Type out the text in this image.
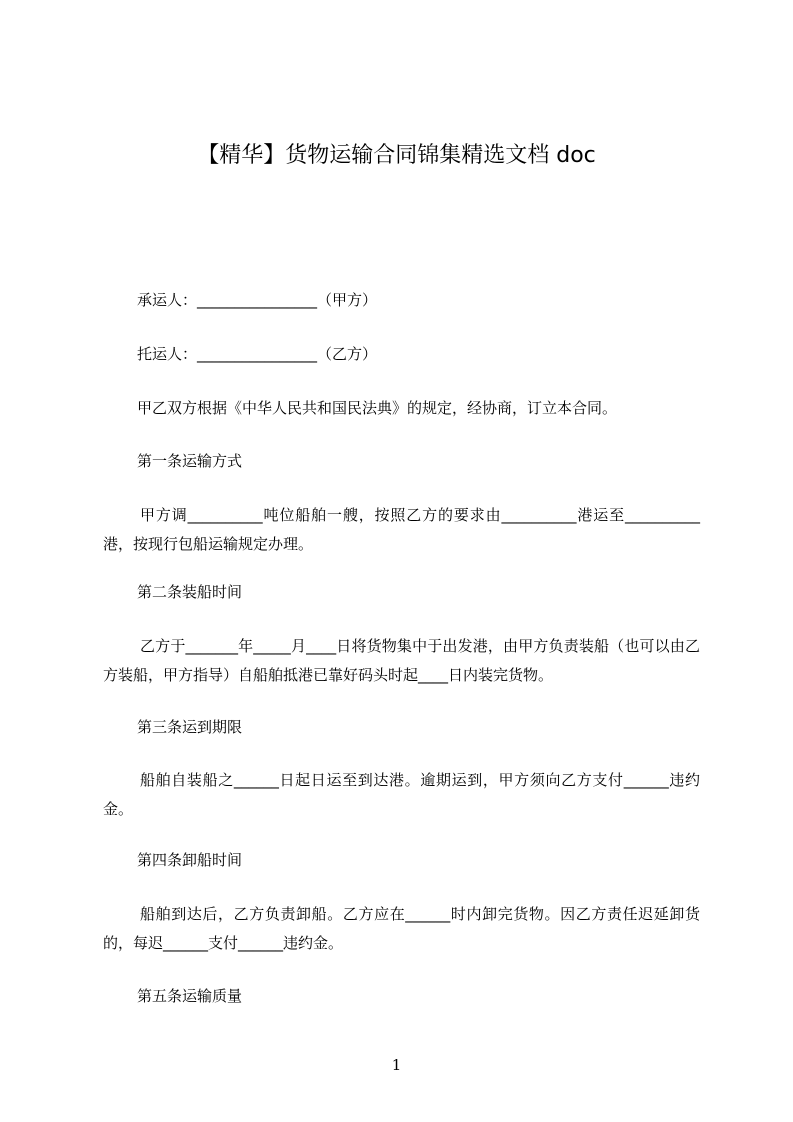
【精华】货物运输合同锦集精选文档 doc
承运人：________________（甲方）
托运人：________________（乙方）
甲乙双方根据《中华人民共和国民法典》的规定，经协商，订立本合同。
第一条运输方式
甲方调__________吨位船舶一艘，按照乙方的要求由__________港运至__________港，按现行包船运输规定办理。
第二条装船时间
乙方于_______年_____月____日将货物集中于出发港，由甲方负责装船（也可以由乙方装船，甲方指导）自船舶抵港已靠好码头时起____日内装完货物。
第三条运到期限
船舶自装船之______日起日运至到达港。逾期运到，甲方须向乙方支付______违约金。
第四条卸船时间
船舶到达后，乙方负责卸船。乙方应在______时内卸完货物。因乙方责任迟延卸货的，每迟______支付______违约金。
第五条运输质量
1
